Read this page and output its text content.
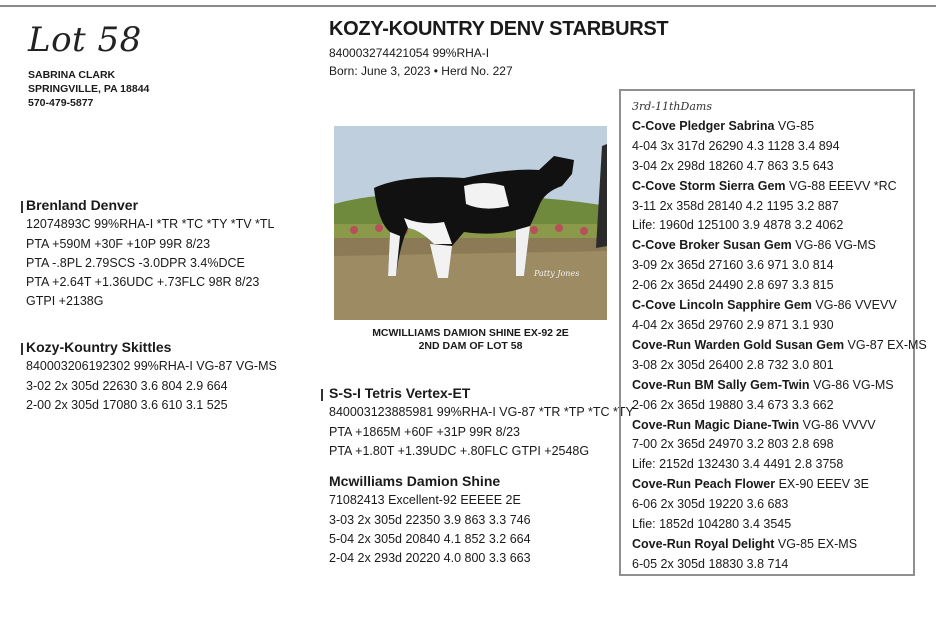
Lot 58
SABRINA CLARK
SPRINGVILLE, PA 18844
570-479-5877
KOZY-KOUNTRY DENV STARBURST
840003274421054 99%RHA-I
Born: June 3, 2023 • Herd No. 227
Patty Jones
MCWILLIAMS DAMION SHINE EX-92 2E
2ND DAM OF LOT 58
Brenland Denver
12074893C 99%RHA-I *TR *TC *TY *TV *TL
PTA +590M +30F +10P 99R 8/23
PTA -.8PL 2.79SCS -3.0DPR 3.4%DCE
PTA +2.64T +1.36UDC +.73FLC 98R 8/23
GTPI +2138G
Kozy-Kountry Skittles
840003206192302 99%RHA-I VG-87 VG-MS
3-02 2x 305d 22630 3.6 804 2.9 664
2-00 2x 305d 17080 3.6 610 3.1 525
S-S-I Tetris Vertex-ET
840003123885981 99%RHA-I VG-87 *TR *TP *TC *TY
PTA +1865M +60F +31P 99R 8/23
PTA +1.80T +1.39UDC +.80FLC GTPI +2548G
Mcwilliams Damion Shine
71082413 Excellent-92 EEEEE 2E
3-03 2x 305d 22350 3.9 863 3.3 746
5-04 2x 305d 20840 4.1 852 3.2 664
2-04 2x 293d 20220 4.0 800 3.3 663
3rd-11thDams
C-Cove Pledger Sabrina VG-85
4-04 3x 317d 26290 4.3 1128 3.4 894
3-04 2x 298d 18260 4.7 863 3.5 643
C-Cove Storm Sierra Gem VG-88 EEEVV *RC
3-11 2x 358d 28140 4.2 1195 3.2 887
Life: 1960d 125100 3.9 4878 3.2 4062
C-Cove Broker Susan Gem VG-86 VG-MS
3-09 2x 365d 27160 3.6 971 3.0 814
2-06 2x 365d 24490 2.8 697 3.3 815
C-Cove Lincoln Sapphire Gem VG-86 VVEVV
4-04 2x 365d 29760 2.9 871 3.1 930
Cove-Run Warden Gold Susan Gem VG-87 EX-MS
3-08 2x 305d 26400 2.8 732 3.0 801
Cove-Run BM Sally Gem-Twin VG-86 VG-MS
2-06 2x 365d 19880 3.4 673 3.3 662
Cove-Run Magic Diane-Twin VG-86 VVVV
7-00 2x 365d 24970 3.2 803 2.8 698
Life: 2152d 132430 3.4 4491 2.8 3758
Cove-Run Peach Flower EX-90 EEEV 3E
6-06 2x 305d 19220 3.6 683
Lfie: 1852d 104280 3.4 3545
Cove-Run Royal Delight VG-85 EX-MS
6-05 2x 305d 18830 3.8 714
